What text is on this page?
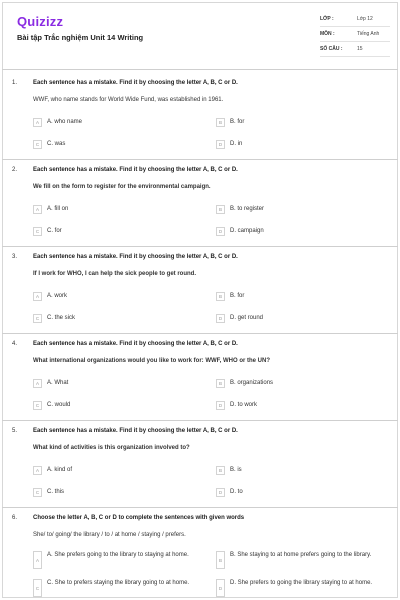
Quizizz
Bài tập Trắc nghiệm Unit 14 Writing
LỚP :	Lớp 12
MÔN :	Tiếng Anh
SỐ CÂU :	15
1.	Each sentence has a mistake. Find it by choosing the letter A, B, C or D.
WWF, who name stands for World Wide Fund, was established in 1961.
A	A. who name	B	B. for
C	C. was	D	D. in
2.	Each sentence has a mistake. Find it by choosing the letter A, B, C or D.
We fill on the form to register for the environmental campaign.
A	A. fill on	B	B. to register
C	C. for	D	D. campaign
3.	Each sentence has a mistake. Find it by choosing the letter A, B, C or D.
If I work for WHO, I can help the sick people to get round.
A	A. work	B	B. for
C	C. the sick	D	D. get round
4.	Each sentence has a mistake. Find it by choosing the letter A, B, C or D.
What international organizations would you like to work for: WWF, WHO or the UN?
A	A. What	B	B. organizations
C	C. would	D	D. to work
5.	Each sentence has a mistake. Find it by choosing the letter A, B, C or D.
What kind of activities is this organization involved to?
A	A. kind of	B	B. is
C	C. this	D	D. to
6.	Choose the letter A, B, C or D to complete the sentences with given words
She/ to/ going/ the library / to / at home / staying / prefers.
A
A. She prefers going to the library to staying at home.
B
B. She staying to at home prefers going to the library.
C
C. She to prefers staying the library going to at home.
D
D. She prefers to going the library staying to at home.
